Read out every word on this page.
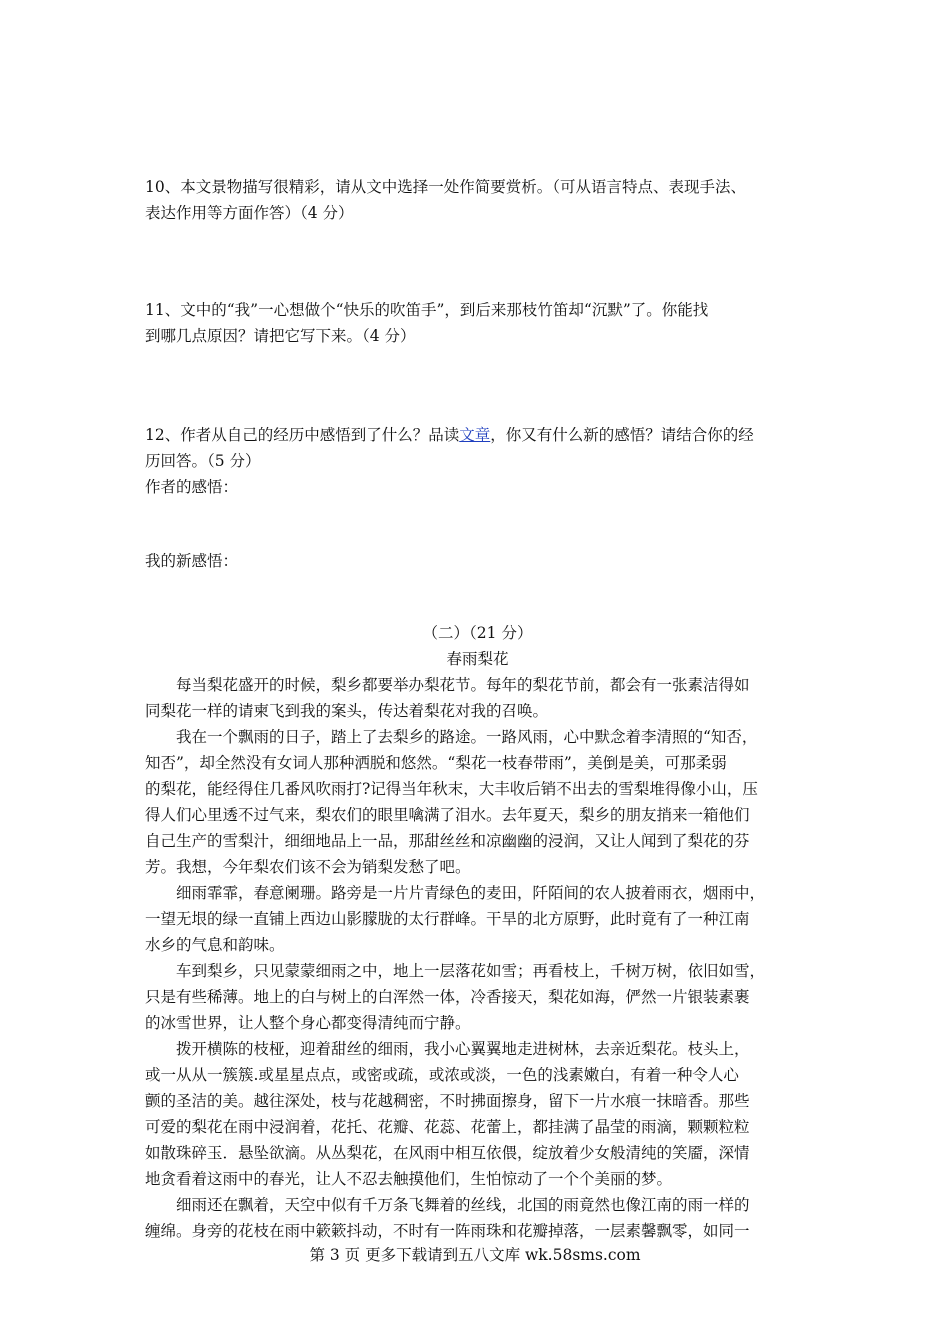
10、本文景物描写很精彩，请从文中选择一处作简要赏析。（可从语言特点、表现手法、
表达作用等方面作答）（4 分）
11、文中的“我”一心想做个“快乐的吹笛手”，到后来那枝竹笛却“沉默”了。你能找
到哪几点原因？请把它写下来。（4 分）
12、作者从自己的经历中感悟到了什么？品读文章，你又有什么新的感悟？请结合你的经
历回答。（5 分）
作者的感悟：
我的新感悟：
（二）（21 分）
春雨梨花
每当梨花盛开的时候，梨乡都要举办梨花节。每年的梨花节前，都会有一张素洁得如
同梨花一样的请柬飞到我的案头，传达着梨花对我的召唤。
我在一个飘雨的日子，踏上了去梨乡的路途。一路风雨，心中默念着李清照的“知否，
知否”，却全然没有女词人那种洒脱和悠然。“梨花一枝春带雨”，美倒是美，可那柔弱
的梨花，能经得住几番风吹雨打?记得当年秋末，大丰收后销不出去的雪梨堆得像小山，压
得人们心里透不过气来，梨农们的眼里噙满了泪水。去年夏天，梨乡的朋友捎来一箱他们
自己生产的雪梨汁，细细地品上一品，那甜丝丝和凉幽幽的浸润，又让人闻到了梨花的芬
芳。我想，今年梨农们该不会为销梨发愁了吧。
细雨霏霏，春意阑珊。路旁是一片片青绿色的麦田，阡陌间的农人披着雨衣，烟雨中，
一望无垠的绿一直铺上西边山影朦胧的太行群峰。干旱的北方原野，此时竟有了一种江南
水乡的气息和韵味。
车到梨乡，只见蒙蒙细雨之中，地上一层落花如雪；再看枝上，千树万树，依旧如雪，
只是有些稀薄。地上的白与树上的白浑然一体，冷香接天，梨花如海，俨然一片银装素裹
的冰雪世界，让人整个身心都变得清纯而宁静。
拨开横陈的枝桠，迎着甜丝的细雨，我小心翼翼地走进树林，去亲近梨花。枝头上，
或一从从一簇簇.或星星点点，或密或疏，或浓或淡，一色的浅素嫩白，有着一种令人心
颤的圣洁的美。越往深处，枝与花越稠密，不时拂面擦身，留下一片水痕一抹暗香。那些
可爱的梨花在雨中浸润着，花托、花瓣、花蕊、花蕾上，都挂满了晶莹的雨滴，颗颗粒粒
如散珠碎玉．悬坠欲滴。从丛梨花，在风雨中相互依偎，绽放着少女般清纯的笑靥，深情
地贪看着这雨中的春光，让人不忍去触摸他们，生怕惊动了一个个美丽的梦。
细雨还在飘着，天空中似有千万条飞舞着的丝线，北国的雨竟然也像江南的雨一样的
缠绵。身旁的花枝在雨中簌簌抖动，不时有一阵雨珠和花瓣掉落，一层素馨飘零，如同一
第 3 页 更多下载请到五八文库 wk.58sms.com
